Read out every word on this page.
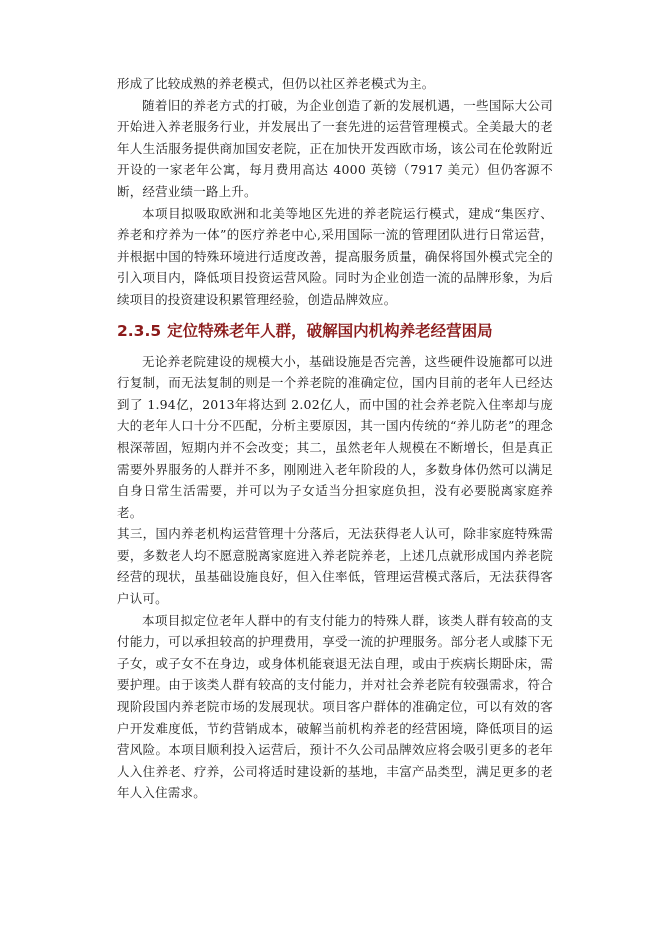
形成了比较成熟的养老模式，但仍以社区养老模式为主。

随着旧的养老方式的打破，为企业创造了新的发展机遇，一些国际大公司开始进入养老服务行业，并发展出了一套先进的运营管理模式。全美最大的老年人生活服务提供商加国安老院，正在加快开发西欧市场，该公司在伦敦附近开设的一家老年公寓，每月费用高达 4000 英镑（7917 美元）但仍客源不断，经营业绩一路上升。

本项目拟吸取欧洲和北美等地区先进的养老院运行模式，建成“集医疗、养老和疗养为一体”的医疗养老中心,采用国际一流的管理团队进行日常运营，并根据中国的特殊环境进行适度改善，提高服务质量，确保将国外模式完全的引入项目内，降低项目投资运营风险。同时为企业创造一流的品牌形象，为后续项目的投资建设积累管理经验，创造品牌效应。

2.3.5 定位特殊老年人群，破解国内机构养老经营困局

无论养老院建设的规模大小，基础设施是否完善，这些硬件设施都可以进行复制，而无法复制的则是一个养老院的准确定位，国内目前的老年人已经达到了 1.94亿，2013年将达到 2.02亿人，而中国的社会养老院入住率却与庞大的老年人口十分不匹配，分析主要原因，其一国内传统的“养儿防老”的理念根深蒂固，短期内并不会改变；其二，虽然老年人规模在不断增长，但是真正需要外界服务的人群并不多，刚刚进入老年阶段的人，多数身体仍然可以满足自身日常生活需要，并可以为子女适当分担家庭负担，没有必要脱离家庭养老。

其三，国内养老机构运营管理十分落后，无法获得老人认可，除非家庭特殊需要，多数老人均不愿意脱离家庭进入养老院养老，上述几点就形成国内养老院经营的现状，虽基础设施良好，但入住率低，管理运营模式落后，无法获得客户认可。

本项目拟定位老年人群中的有支付能力的特殊人群，该类人群有较高的支付能力，可以承担较高的护理费用，享受一流的护理服务。部分老人或膝下无子女，或子女不在身边，或身体机能衰退无法自理，或由于疾病长期卧床，需要护理。由于该类人群有较高的支付能力，并对社会养老院有较强需求，符合现阶段国内养老院市场的发展现状。项目客户群体的准确定位，可以有效的客户开发难度低，节约营销成本，破解当前机构养老的经营困境，降低项目的运营风险。本项目顺利投入运营后，预计不久公司品牌效应将会吸引更多的老年人入住养老、疗养，公司将适时建设新的基地，丰富产品类型，满足更多的老年人入住需求。
